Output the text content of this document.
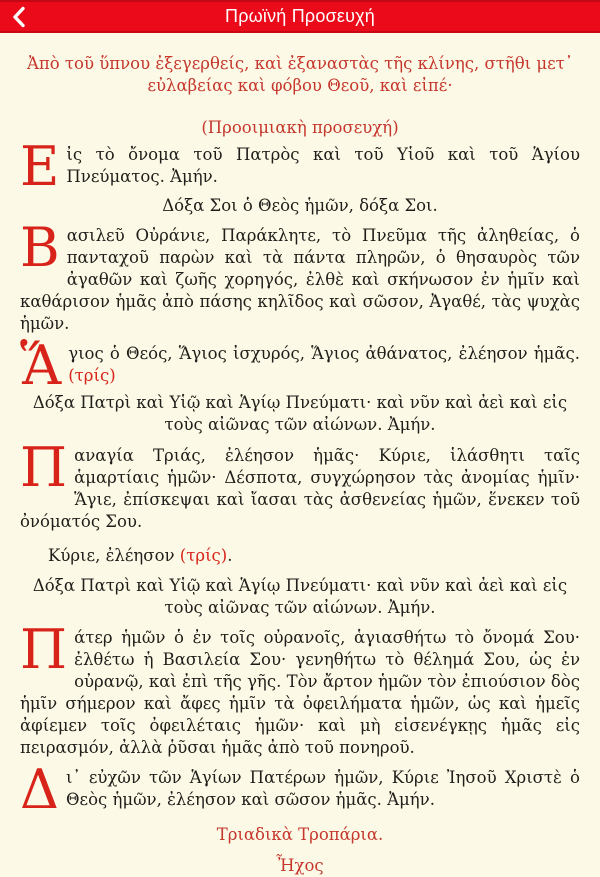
Πρωϊνή Προσευχή

Ἀπὸ τοῦ ὕπνου ἐξεγερθείς, καὶ ἐξαναστὰς τῆς κλίνης, στῆθι μετ᾿ εὐλαβείας καὶ φόβου Θεοῦ, καὶ εἰπέ·

(Προοιμιακὴ προσευχή)

Εἰς τὸ ὄνομα τοῦ Πατρὸς καὶ τοῦ Υἱοῦ καὶ τοῦ Ἁγίου Πνεύματος. Ἀμήν.

Δόξα Σοι ὁ Θεὸς ἡμῶν, δόξα Σοι.

Βασιλεῦ Οὐράνιε, Παράκλητε, τὸ Πνεῦμα τῆς ἀληθείας, ὁ πανταχοῦ παρὼν καὶ τὰ πάντα πληρῶν, ὁ θησαυρὸς τῶν ἀγαθῶν καὶ ζωῆς χορηγός, ἐλθὲ καὶ σκήνωσον ἐν ἡμῖν καὶ καθάρισον ἡμᾶς ἀπὸ πάσης κηλῖδος καὶ σῶσον, Ἀγαθέ, τὰς ψυχὰς ἡμῶν.

Ἅγιος ὁ Θεός, Ἅγιος ἰσχυρός, Ἅγιος ἀθάνατος, ἐλέησον ἡμᾶς. (τρίς)

Δόξα Πατρὶ καὶ Υἱῷ καὶ Ἁγίῳ Πνεύματι· καὶ νῦν καὶ ἀεὶ καὶ εἰς τοὺς αἰῶνας τῶν αἰώνων. Ἀμήν.

Παναγία Τριάς, ἐλέησον ἡμᾶς· Κύριε, ἱλάσθητι ταῖς ἁμαρτίαις ἡμῶν· Δέσποτα, συγχώρησον τὰς ἀνομίας ἡμῖν· Ἅγιε, ἐπίσκεψαι καὶ ἴασαι τὰς ἀσθενείας ἡμῶν, ἕνεκεν τοῦ ὀνόματός Σου.

Κύριε, ἐλέησον (τρίς).

Δόξα Πατρὶ καὶ Υἱῷ καὶ Ἁγίῳ Πνεύματι· καὶ νῦν καὶ ἀεὶ καὶ εἰς τοὺς αἰῶνας τῶν αἰώνων. Ἀμήν.

Πάτερ ἡμῶν ὁ ἐν τοῖς οὐρανοῖς, ἁγιασθήτω τὸ ὄνομά Σου· ἐλθέτω ἡ Βασιλεία Σου· γενηθήτω τὸ θέλημά Σου, ὡς ἐν οὐρανῷ, καὶ ἐπὶ τῆς γῆς. Τὸν ἄρτον ἡμῶν τὸν ἐπιούσιον δὸς ἡμῖν σήμερον καὶ ἄφες ἡμῖν τὰ ὀφειλήματα ἡμῶν, ὡς καὶ ἡμεῖς ἀφίεμεν τοῖς ὀφειλέταις ἡμῶν· καὶ μὴ εἰσενέγκῃς ἡμᾶς εἰς πειρασμόν, ἀλλὰ ῥῦσαι ἡμᾶς ἀπὸ τοῦ πονηροῦ.

Δι᾿ εὐχῶν τῶν Ἁγίων Πατέρων ἡμῶν, Κύριε Ἰησοῦ Χριστὲ ὁ Θεὸς ἡμῶν, ἐλέησον καὶ σῶσον ἡμᾶς. Ἀμήν.

Τριαδικὰ Τροπάρια.

Ἦχος
